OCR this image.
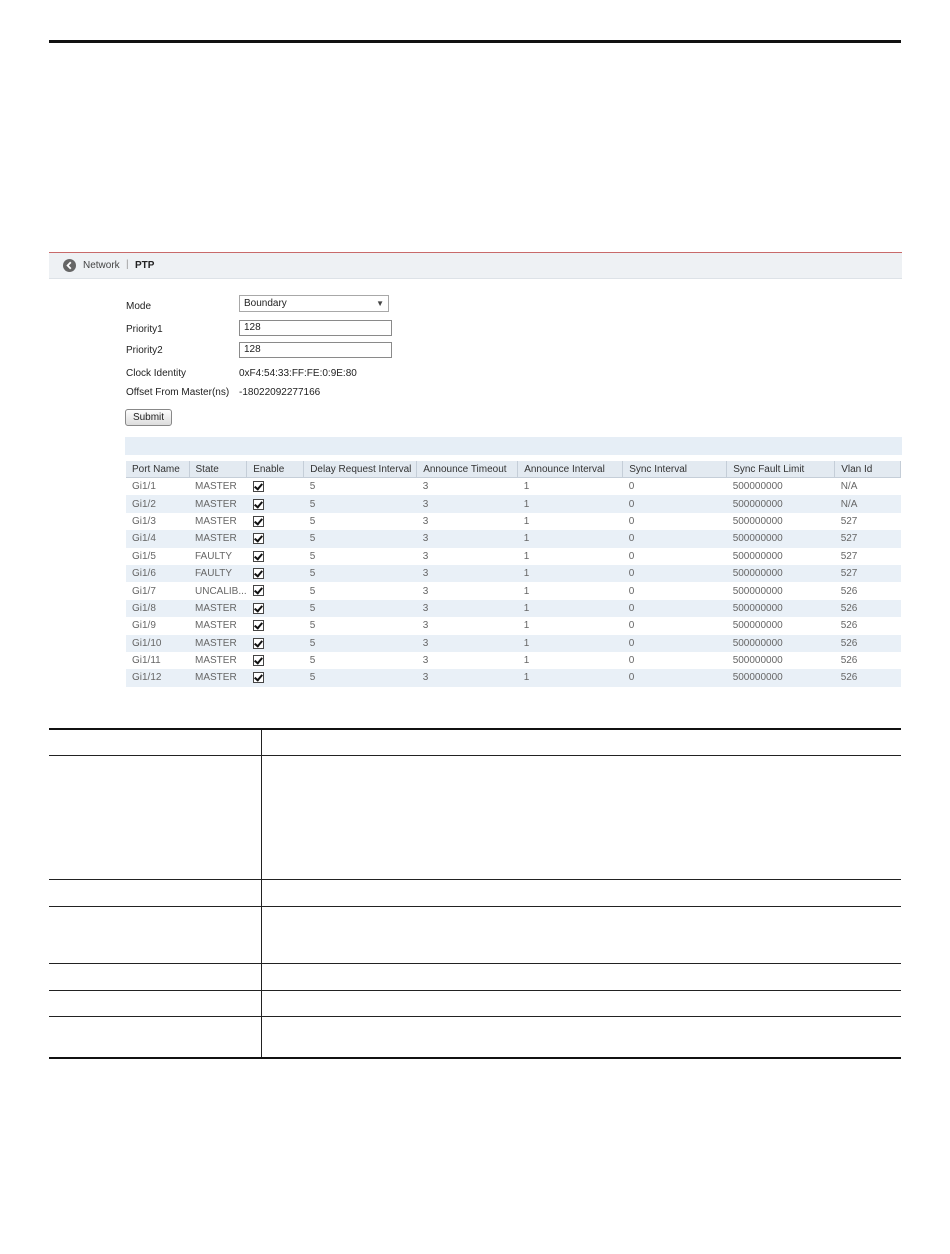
Network | PTP
Mode	Boundary	▼
Priority1	128
Priority2	128
Clock Identity	0xF4:54:33:FF:FE:0:9E:80
Offset From Master(ns) -18022092277166
Submit
Port Name	State	Enable	Delay Request Interval	Announce Timeout	Announce Interval	Sync Interval	Sync Fault Limit	Vlan Id
Gi1/1	MASTER		5	3	1	0	500000000	N/A
Gi1/2	MASTER		5	3	1	0	500000000	N/A
Gi1/3	MASTER		5	3	1	0	500000000	527
Gi1/4	MASTER		5	3	1	0	500000000	527
Gi1/5	FAULTY		5	3	1	0	500000000	527
Gi1/6	FAULTY		5	3	1	0	500000000	527
Gi1/7	UNCALIB...		5	3	1	0	500000000	526
Gi1/8	MASTER		5	3	1	0	500000000	526
Gi1/9	MASTER		5	3	1	0	500000000	526
Gi1/10	MASTER		5	3	1	0	500000000	526
Gi1/11	MASTER		5	3	1	0	500000000	526
Gi1/12	MASTER		5	3	1	0	500000000	526
